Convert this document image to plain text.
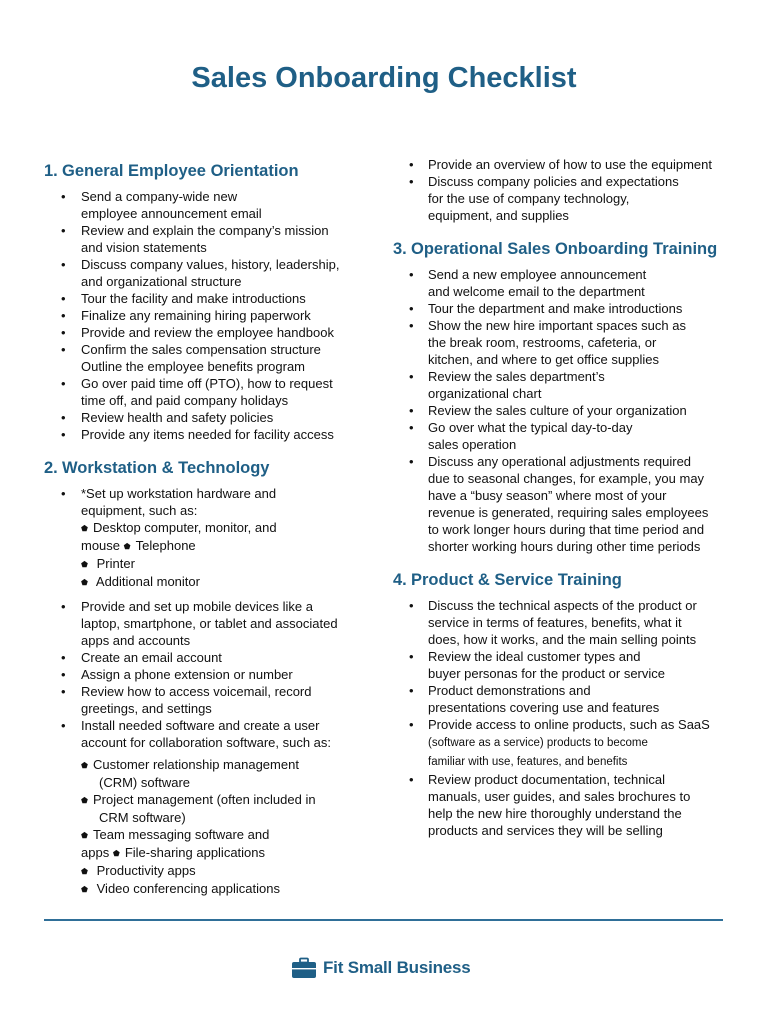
Sales Onboarding Checklist
1. General Employee Orientation
• Send a company-wide new
employee announcement email
• Review and explain the company’s mission
and vision statements
• Discuss company values, history, leadership,
and organizational structure
• Tour the facility and make introductions
• Finalize any remaining hiring paperwork
• Provide and review the employee handbook
• Confirm the sales compensation structure
Outline the employee benefits program
• Go over paid time off (PTO), how to request
time off, and paid company holidays
• Review health and safety policies
• Provide any items needed for facility access
2. Workstation & Technology
• *Set up workstation hardware and
equipment, such as:
⬟ Desktop computer, monitor, and
mouse ⬟ Telephone
⬟ Printer
⬟ Additional monitor
• Provide and set up mobile devices like a
laptop, smartphone, or tablet and associated
apps and accounts
• Create an email account
• Assign a phone extension or number
• Review how to access voicemail, record
greetings, and settings
• Install needed software and create a user
account for collaboration software, such as:
⬟ Customer relationship management
(CRM) software
⬟ Project management (often included in
CRM software)
⬟ Team messaging software and
apps ⬟ File-sharing applications
⬟ Productivity apps
⬟ Video conferencing applications
• Provide an overview of how to use the equipment
• Discuss company policies and expectations
for the use of company technology,
equipment, and supplies
3. Operational Sales Onboarding Training
• Send a new employee announcement
and welcome email to the department
• Tour the department and make introductions
• Show the new hire important spaces such as
the break room, restrooms, cafeteria, or
kitchen, and where to get office supplies
• Review the sales department’s
organizational chart
• Review the sales culture of your organization
• Go over what the typical day-to-day
sales operation
• Discuss any operational adjustments required
due to seasonal changes, for example, you may
have a “busy season” where most of your
revenue is generated, requiring sales employees
to work longer hours during that time period and
shorter working hours during other time periods
4. Product & Service Training
• Discuss the technical aspects of the product or
service in terms of features, benefits, what it
does, how it works, and the main selling points
• Review the ideal customer types and
buyer personas for the product or service
• Product demonstrations and
presentations covering use and features
• Provide access to online products, such as SaaS
(software as a service) products to become
familiar with use, features, and benefits
• Review product documentation, technical
manuals, user guides, and sales brochures to
help the new hire thoroughly understand the
products and services they will be selling
Fit Small Business
